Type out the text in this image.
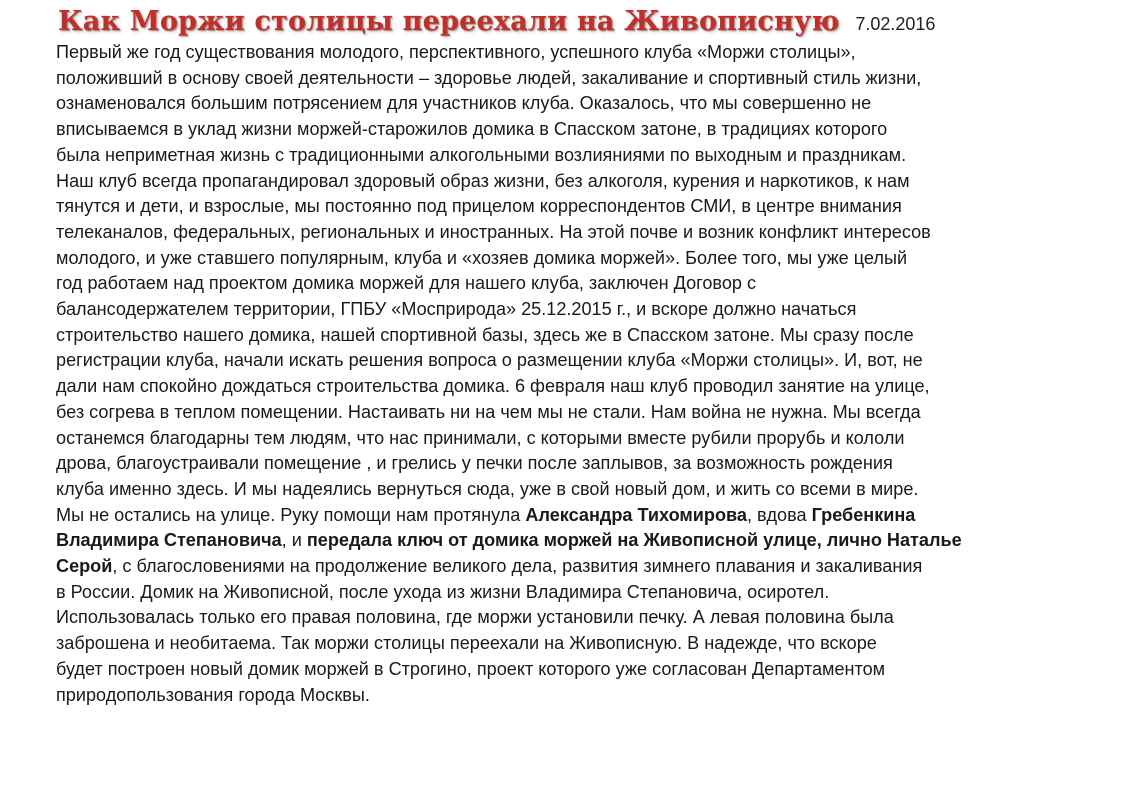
Как Моржи столицы переехали на Живописную 7.02.2016
Первый же год существования молодого, перспективного, успешного клуба «Моржи столицы»,
положивший в основу своей деятельности – здоровье людей, закаливание и спортивный стиль жизни,
ознаменовался большим потрясением для участников клуба. Оказалось, что мы совершенно не
вписываемся в уклад жизни моржей-старожилов домика в Спасском затоне, в традициях которого
была неприметная жизнь с традиционными алкогольными возлияниями по выходным и праздникам.
Наш клуб всегда пропагандировал здоровый образ жизни, без алкоголя, курения и наркотиков, к нам
тянутся и дети, и взрослые, мы постоянно под прицелом корреспондентов СМИ, в центре внимания
телеканалов, федеральных, региональных и иностранных. На этой почве и возник конфликт интересов
молодого, и уже ставшего популярным, клуба и «хозяев домика моржей». Более того, мы уже целый
год работаем над проектом домика моржей для нашего клуба, заключен Договор с
балансодержателем территории, ГПБУ «Мосприрода» 25.12.2015 г., и вскоре должно начаться
строительство нашего домика, нашей спортивной базы, здесь же в Спасском затоне. Мы сразу после
регистрации клуба, начали искать решения вопроса о размещении клуба «Моржи столицы». И, вот, не
дали нам спокойно дождаться строительства домика. 6 февраля наш клуб проводил занятие на улице,
без согрева в теплом помещении. Настаивать ни на чем мы не стали. Нам война не нужна. Мы всегда
останемся благодарны тем людям, что нас принимали, с которыми вместе рубили прорубь и кололи
дрова, благоустраивали помещение , и грелись у печки после заплывов, за возможность рождения
клуба именно здесь. И мы надеялись вернуться сюда, уже в свой новый дом, и жить со всеми в мире.
Мы не остались на улице. Руку помощи нам протянула Александра Тихомирова, вдова Гребенкина
Владимира Степановича, и передала ключ от домика моржей на Живописной улице, лично Наталье
Серой, с благословениями на продолжение великого дела, развития зимнего плавания и закаливания
в России. Домик на Живописной, после ухода из жизни Владимира Степановича, осиротел.
Использовалась только его правая половина, где моржи установили печку. А левая половина была
заброшена и необитаема. Так моржи столицы переехали на Живописную. В надежде, что вскоре
будет построен новый домик моржей в Строгино, проект которого уже согласован Департаментом
природопользования города Москвы.
